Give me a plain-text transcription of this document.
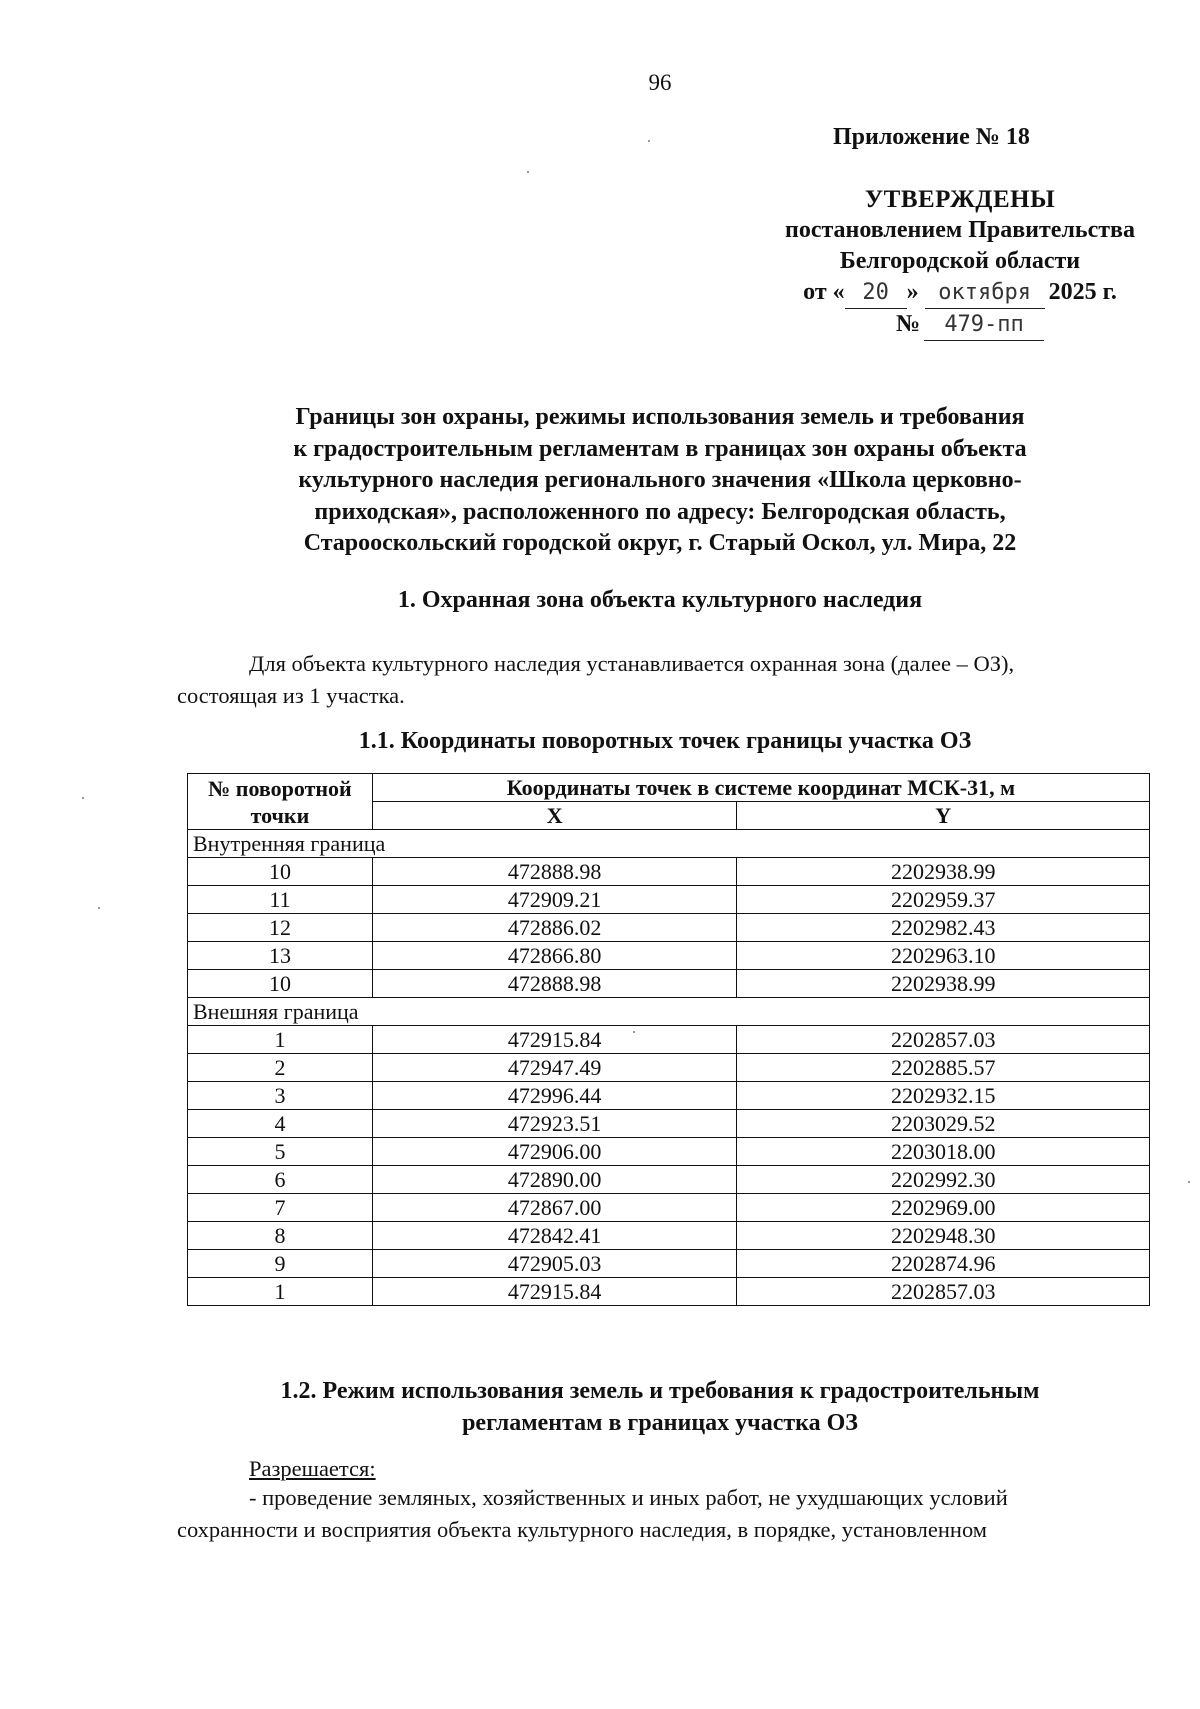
96
Приложение № 18
УТВЕРЖДЕНЫ
постановлением Правительства
Белгородской области
от « 20 » октября 2025 г.
№ 479-пп
Границы зон охраны, режимы использования земель и требования
к градостроительным регламентам в границах зон охраны объекта
культурного наследия регионального значения «Школа церковно-
приходская», расположенного по адресу: Белгородская область,
Старооскольский городской округ, г. Старый Оскол, ул. Мира, 22
1. Охранная зона объекта культурного наследия
Для объекта культурного наследия устанавливается охранная зона (далее – ОЗ),
состоящая из 1 участка.
1.1. Координаты поворотных точек границы участка ОЗ
№ поворотной точки	Координаты точек в системе координат МСК-31, м	
	X	Y
Внутренняя граница		
10	472888.98	2202938.99
11	472909.21	2202959.37
12	472886.02	2202982.43
13	472866.80	2202963.10
10	472888.98	2202938.99
Внешняя граница		
1	472915.84	2202857.03
2	472947.49	2202885.57
3	472996.44	2202932.15
4	472923.51	2203029.52
5	472906.00	2203018.00
6	472890.00	2202992.30
7	472867.00	2202969.00
8	472842.41	2202948.30
9	472905.03	2202874.96
1	472915.84	2202857.03
1.2. Режим использования земель и требования к градостроительным
регламентам в границах участка ОЗ
Разрешается:
- проведение земляных, хозяйственных и иных работ, не ухудшающих условий
сохранности и восприятия объекта культурного наследия, в порядке, установленном
